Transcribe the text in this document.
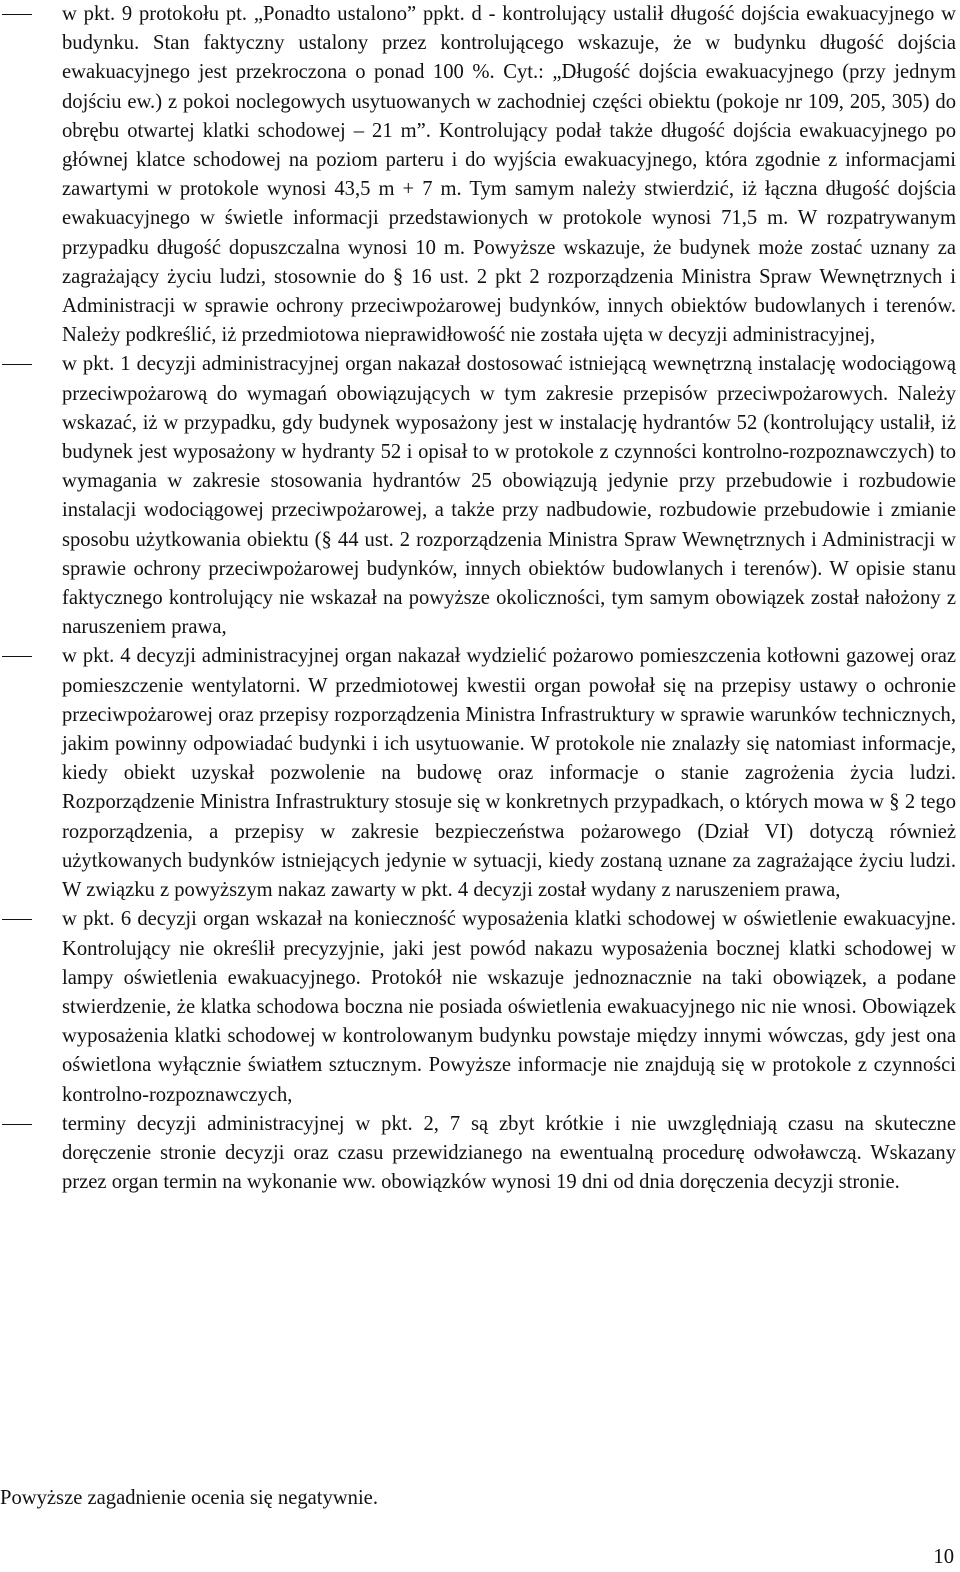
w pkt. 9 protokołu pt. „Ponadto ustalono” ppkt. d - kontrolujący ustalił długość dojścia ewakuacyjnego w budynku. Stan faktyczny ustalony przez kontrolującego wskazuje, że w budynku długość dojścia ewakuacyjnego jest przekroczona o ponad 100 %. Cyt.: „Długość dojścia ewakuacyjnego (przy jednym dojściu ew.) z pokoi noclegowych usytuowanych w zachodniej części obiektu (pokoje nr 109, 205, 305) do obrębu otwartej klatki schodowej – 21 m”. Kontrolujący podał także długość dojścia ewakuacyjnego po głównej klatce schodowej na poziom parteru i do wyjścia ewakuacyjnego, która zgodnie z informacjami zawartymi w protokole wynosi 43,5 m + 7 m. Tym samym należy stwierdzić, iż łączna długość dojścia ewakuacyjnego w świetle informacji przedstawionych w protokole wynosi 71,5 m. W rozpatrywanym przypadku długość dopuszczalna wynosi 10 m. Powyższe wskazuje, że budynek może zostać uznany za zagrażający życiu ludzi, stosownie do § 16 ust. 2 pkt 2 rozporządzenia Ministra Spraw Wewnętrznych i Administracji w sprawie ochrony przeciwpożarowej budynków, innych obiektów budowlanych i terenów. Należy podkreślić, iż przedmiotowa nieprawidłowość nie została ujęta w decyzji administracyjnej,
w pkt. 1 decyzji administracyjnej organ nakazał dostosować istniejącą wewnętrzną instalację wodociągową przeciwpożarową do wymagań obowiązujących w tym zakresie przepisów przeciwpożarowych. Należy wskazać, iż w przypadku, gdy budynek wyposażony jest w instalację hydrantów 52 (kontrolujący ustalił, iż budynek jest wyposażony w hydranty 52 i opisał to w protokole z czynności kontrolno-rozpoznawczych) to wymagania w zakresie stosowania hydrantów 25 obowiązują jedynie przy przebudowie i rozbudowie instalacji wodociągowej przeciwpożarowej, a także przy nadbudowie, rozbudowie przebudowie i zmianie sposobu użytkowania obiektu (§ 44 ust. 2 rozporządzenia Ministra Spraw Wewnętrznych i Administracji w sprawie ochrony przeciwpożarowej budynków, innych obiektów budowlanych i terenów). W opisie stanu faktycznego kontrolujący nie wskazał na powyższe okoliczności, tym samym obowiązek został nałożony z naruszeniem prawa,
w pkt. 4 decyzji administracyjnej organ nakazał wydzielić pożarowo pomieszczenia kotłowni gazowej oraz pomieszczenie wentylatorni. W przedmiotowej kwestii organ powołał się na przepisy ustawy o ochronie przeciwpożarowej oraz przepisy rozporządzenia Ministra Infrastruktury w sprawie warunków technicznych, jakim powinny odpowiadać budynki i ich usytuowanie. W protokole nie znalazły się natomiast informacje, kiedy obiekt uzyskał pozwolenie na budowę oraz informacje o stanie zagrożenia życia ludzi. Rozporządzenie Ministra Infrastruktury stosuje się w konkretnych przypadkach, o których mowa w § 2 tego rozporządzenia, a przepisy w zakresie bezpieczeństwa pożarowego (Dział VI) dotyczą również użytkowanych budynków istniejących jedynie w sytuacji, kiedy zostaną uznane za zagrażające życiu ludzi. W związku z powyższym nakaz zawarty w pkt. 4 decyzji został wydany z naruszeniem prawa,
w pkt. 6 decyzji organ wskazał na konieczność wyposażenia klatki schodowej w oświetlenie ewakuacyjne. Kontrolujący nie określił precyzyjnie, jaki jest powód nakazu wyposażenia bocznej klatki schodowej w lampy oświetlenia ewakuacyjnego. Protokół nie wskazuje jednoznacznie na taki obowiązek, a podane stwierdzenie, że klatka schodowa boczna nie posiada oświetlenia ewakuacyjnego nic nie wnosi. Obowiązek wyposażenia klatki schodowej w kontrolowanym budynku powstaje między innymi wówczas, gdy jest ona oświetlona wyłącznie światłem sztucznym. Powyższe informacje nie znajdują się w protokole z czynności kontrolno-rozpoznawczych,
terminy decyzji administracyjnej w pkt. 2, 7 są zbyt krótkie i nie uwzględniają czasu na skuteczne doręczenie stronie decyzji oraz czasu przewidzianego na ewentualną procedurę odwoławczą. Wskazany przez organ termin na wykonanie ww. obowiązków wynosi 19 dni od dnia doręczenia decyzji stronie.

Powyższe zagadnienie ocenia się negatywnie.

10
